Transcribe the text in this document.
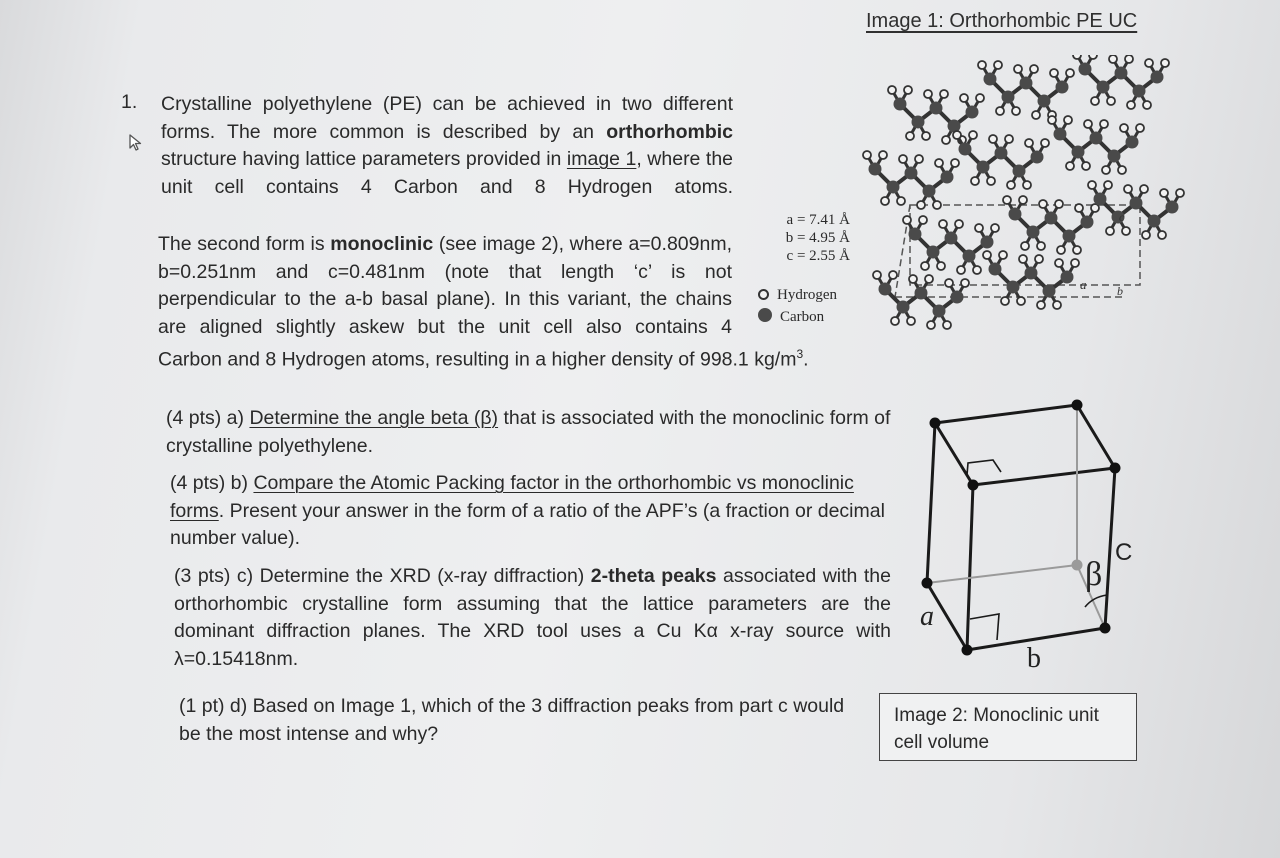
Image 1: Orthorhombic PE UC
1. Crystalline polyethylene (PE) can be achieved in two different forms. The more common is described by an orthorhombic structure having lattice parameters provided in image 1, where the unit cell contains 4 Carbon and 8 Hydrogen atoms.
The second form is monoclinic (see image 2), where a=0.809nm, b=0.251nm and c=0.481nm (note that length ‘c’ is not perpendicular to the a-b basal plane). In this variant, the chains are aligned slightly askew but the unit cell also contains 4
Carbon and 8 Hydrogen atoms, resulting in a higher density of 998.1 $kg/m^3$.
a = 7.41 Å
b = 4.95 Å
c = 2.55 Å
Hydrogen
Carbon
a
c
b
(4 pts) a) Determine the angle beta (β) that is associated with the monoclinic form of crystalline polyethylene.
(4 pts) b) Compare the Atomic Packing factor in the orthorhombic vs monoclinic forms. Present your answer in the form of a ratio of the APF’s (a fraction or decimal number value).
(3 pts) c) Determine the XRD (x-ray diffraction) 2-theta peaks associated with the orthorhombic crystalline form assuming that the lattice parameters are the dominant diffraction planes. The XRD tool uses a Cu Kα x-ray source with λ=0.15418nm.
(1 pt) d) Based on Image 1, which of the 3 diffraction peaks from part c would be the most intense and why?
β
C
a
b
Image 2: Monoclinic unit cell volume
